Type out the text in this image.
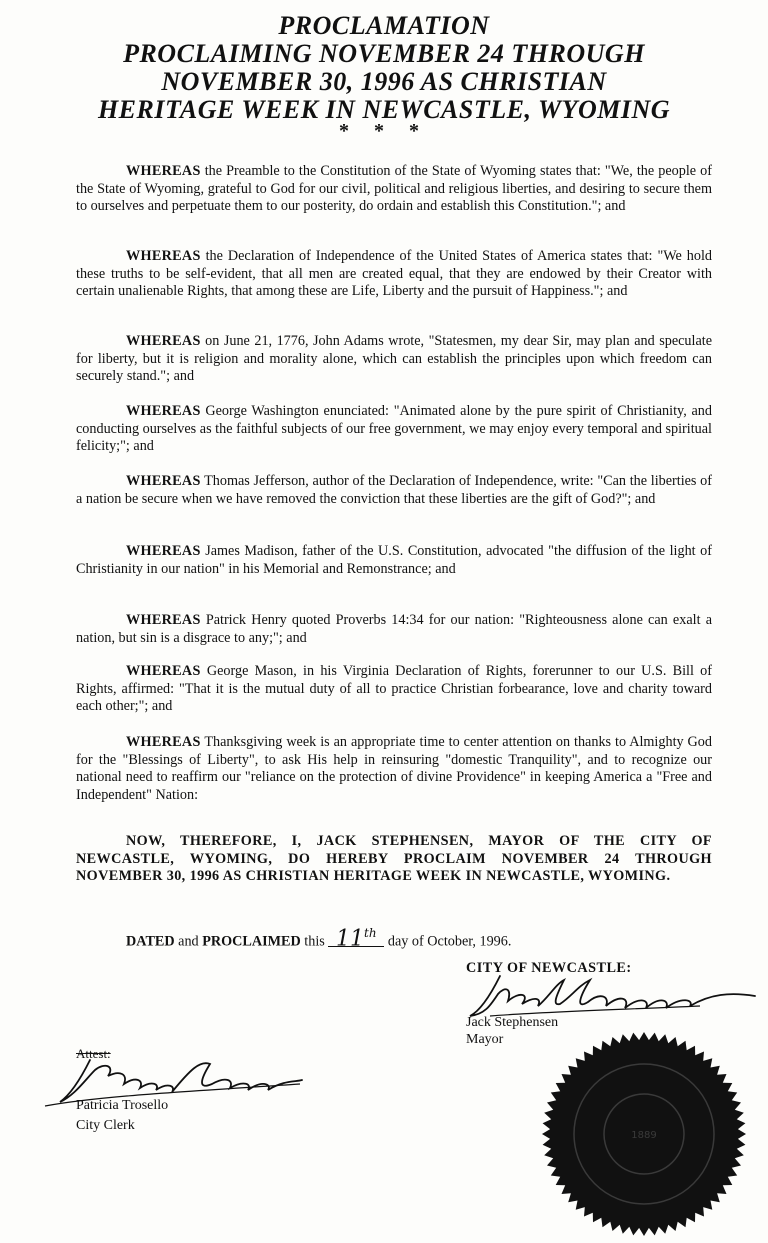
PROCLAMATION
PROCLAIMING NOVEMBER 24 THROUGH
NOVEMBER 30, 1996 AS CHRISTIAN
HERITAGE WEEK IN NEWCASTLE, WYOMING
* * *
WHEREAS the Preamble to the Constitution of the State of Wyoming states that: "We, the people of the State of Wyoming, grateful to God for our civil, political and religious liberties, and desiring to secure them to ourselves and perpetuate them to our posterity, do ordain and establish this Constitution."; and
WHEREAS the Declaration of Independence of the United States of America states that: "We hold these truths to be self-evident, that all men are created equal, that they are endowed by their Creator with certain unalienable Rights, that among these are Life, Liberty and the pursuit of Happiness."; and
WHEREAS on June 21, 1776, John Adams wrote, "Statesmen, my dear Sir, may plan and speculate for liberty, but it is religion and morality alone, which can establish the principles upon which freedom can securely stand."; and
WHEREAS George Washington enunciated: "Animated alone by the pure spirit of Christianity, and conducting ourselves as the faithful subjects of our free government, we may enjoy every temporal and spiritual felicity;"; and
WHEREAS Thomas Jefferson, author of the Declaration of Independence, write: "Can the liberties of a nation be secure when we have removed the conviction that these liberties are the gift of God?"; and
WHEREAS James Madison, father of the U.S. Constitution, advocated "the diffusion of the light of Christianity in our nation" in his Memorial and Remonstrance; and
WHEREAS Patrick Henry quoted Proverbs 14:34 for our nation: "Righteousness alone can exalt a nation, but sin is a disgrace to any;"; and
WHEREAS George Mason, in his Virginia Declaration of Rights, forerunner to our U.S. Bill of Rights, affirmed: "That it is the mutual duty of all to practice Christian forbearance, love and charity toward each other;"; and
WHEREAS Thanksgiving week is an appropriate time to center attention on thanks to Almighty God for the "Blessings of Liberty", to ask His help in reinsuring "domestic Tranquility", and to recognize our national need to reaffirm our "reliance on the protection of divine Providence" in keeping America a "Free and Independent" Nation:
NOW, THEREFORE, I, JACK STEPHENSEN, MAYOR OF THE CITY OF NEWCASTLE, WYOMING, DO HEREBY PROCLAIM NOVEMBER 24 THROUGH NOVEMBER 30, 1996 AS CHRISTIAN HERITAGE WEEK IN NEWCASTLE, WYOMING.
DATED and PROCLAIMED this 11th day of October, 1996.
CITY OF NEWCASTLE:
Jack Stephensen
Mayor
Attest:
Patricia Trosello
City Clerk
1889
